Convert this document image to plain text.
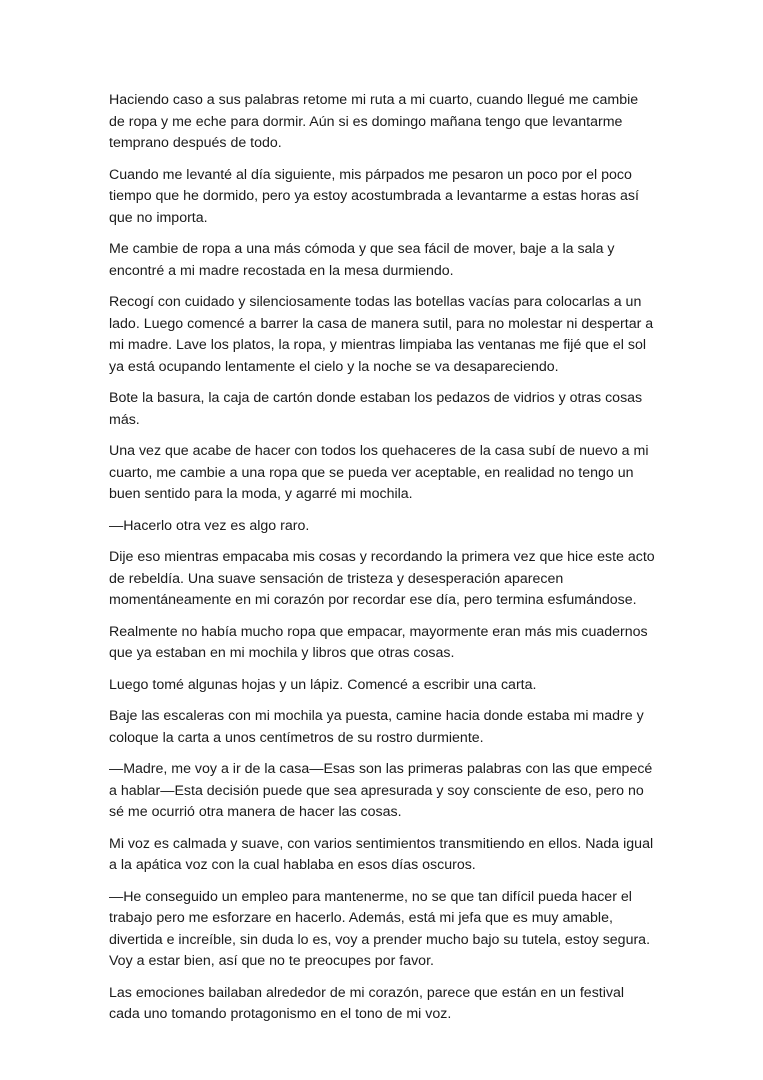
Haciendo caso a sus palabras retome mi ruta a mi cuarto, cuando llegué me cambie de ropa y me eche para dormir. Aún si es domingo mañana tengo que levantarme temprano después de todo.

Cuando me levanté al día siguiente, mis párpados me pesaron un poco por el poco tiempo que he dormido, pero ya estoy acostumbrada a levantarme a estas horas así que no importa.

Me cambie de ropa a una más cómoda y que sea fácil de mover, baje a la sala y encontré a mi madre recostada en la mesa durmiendo.

Recogí con cuidado y silenciosamente todas las botellas vacías para colocarlas a un lado. Luego comencé a barrer la casa de manera sutil, para no molestar ni despertar a mi madre. Lave los platos, la ropa, y mientras limpiaba las ventanas me fijé que el sol ya está ocupando lentamente el cielo y la noche se va desapareciendo.

Bote la basura, la caja de cartón donde estaban los pedazos de vidrios y otras cosas más.

Una vez que acabe de hacer con todos los quehaceres de la casa subí de nuevo a mi cuarto, me cambie a una ropa que se pueda ver aceptable, en realidad no tengo un buen sentido para la moda, y agarré mi mochila.

—Hacerlo otra vez es algo raro.

Dije eso mientras empacaba mis cosas y recordando la primera vez que hice este acto de rebeldía. Una suave sensación de tristeza y desesperación aparecen momentáneamente en mi corazón por recordar ese día, pero termina esfumándose.

Realmente no había mucho ropa que empacar, mayormente eran más mis cuadernos que ya estaban en mi mochila y libros que otras cosas.

Luego tomé algunas hojas y un lápiz. Comencé a escribir una carta.

Baje las escaleras con mi mochila ya puesta, camine hacia donde estaba mi madre y coloque la carta a unos centímetros de su rostro durmiente.

—Madre, me voy a ir de la casa—Esas son las primeras palabras con las que empecé a hablar—Esta decisión puede que sea apresurada y soy consciente de eso, pero no sé me ocurrió otra manera de hacer las cosas.

Mi voz es calmada y suave, con varios sentimientos transmitiendo en ellos. Nada igual a la apática voz con la cual hablaba en esos días oscuros.

—He conseguido un empleo para mantenerme, no se que tan difícil pueda hacer el trabajo pero me esforzare en hacerlo. Además, está mi jefa que es muy amable, divertida e increíble, sin duda lo es, voy a prender mucho bajo su tutela, estoy segura. Voy a estar bien, así que no te preocupes por favor.

Las emociones bailaban alrededor de mi corazón, parece que están en un festival cada uno tomando protagonismo en el tono de mi voz.
